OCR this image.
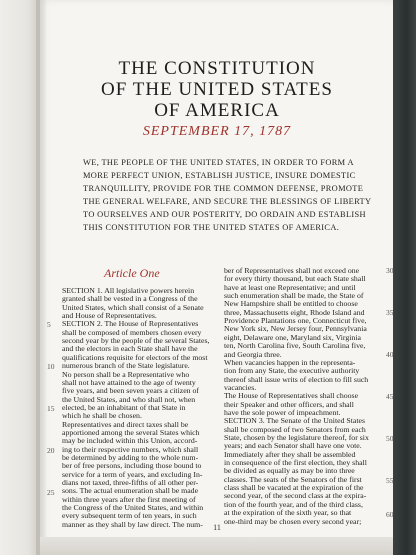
THE CONSTITUTION
OF THE UNITED STATES
OF AMERICA
SEPTEMBER 17, 1787
WE, THE PEOPLE OF THE UNITED STATES, IN ORDER TO FORM A
MORE PERFECT UNION, ESTABLISH JUSTICE, INSURE DOMESTIC
TRANQUILLITY, PROVIDE FOR THE COMMON DEFENSE, PROMOTE
THE GENERAL WELFARE, AND SECURE THE BLESSINGS OF LIBERTY
TO OURSELVES AND OUR POSTERITY, DO ORDAIN AND ESTABLISH
THIS CONSTITUTION FOR THE UNITED STATES OF AMERICA.
Article One
SECTION 1. All legislative powers herein
granted shall be vested in a Congress of the
United States, which shall consist of a Senate
and House of Representatives.
SECTION 2. The House of Representatives
shall be composed of members chosen every
second year by the people of the several States,
and the electors in each State shall have the
qualifications requisite for electors of the most
numerous branch of the State legislature.
No person shall be a Representative who
shall not have attained to the age of twenty
five years, and been seven years a citizen of
the United States, and who shall not, when
elected, be an inhabitant of that State in
which he shall be chosen.
Representatives and direct taxes shall be
apportioned among the several States which
may be included within this Union, accord-
ing to their respective numbers, which shall
be determined by adding to the whole num-
ber of free persons, including those bound to
service for a term of years, and excluding In-
dians not taxed, three-fifths of all other per-
sons. The actual enumeration shall be made
within three years after the first meeting of
the Congress of the United States, and within
every subsequent term of ten years, in such
manner as they shall by law direct. The num-
ber of Representatives shall not exceed one
for every thirty thousand, but each State shall
have at least one Representative; and until
such enumeration shall be made, the State of
New Hampshire shall be entitled to choose
three, Massachusetts eight, Rhode Island and
Providence Plantations one, Connecticut five,
New York six, New Jersey four, Pennsylvania
eight, Delaware one, Maryland six, Virginia
ten, North Carolina five, South Carolina five,
and Georgia three.
When vacancies happen in the representa-
tion from any State, the executive authority
thereof shall issue writs of election to fill such
vacancies.
The House of Representatives shall choose
their Speaker and other officers, and shall
have the sole power of impeachment.
SECTION 3. The Senate of the United States
shall be composed of two Senators from each
State, chosen by the legislature thereof, for six
years; and each Senator shall have one vote.
Immediately after they shall be assembled
in consequence of the first election, they shall
be divided as equally as may be into three
classes. The seats of the Senators of the first
class shall be vacated at the expiration of the
second year, of the second class at the expira-
tion of the fourth year, and of the third class,
at the expiration of the sixth year, so that
one-third may be chosen every second year;
5
10
15
20
25
30
35
40
45
50
55
60
11
